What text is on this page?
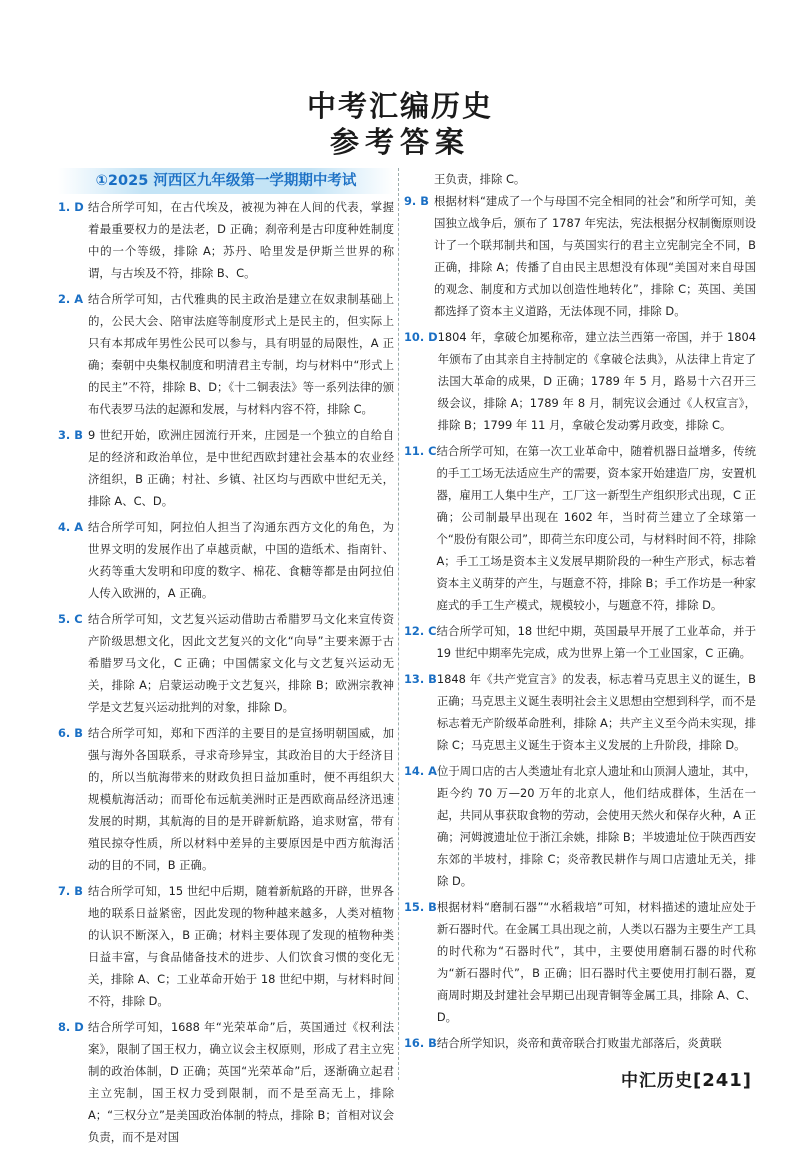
中考汇编历史
参考答案
①2025 河西区九年级第一学期期中考试
1. D 结合所学可知，在古代埃及，被视为神在人间的代表，掌握着最重要权力的是法老，D 正确；刹帝利是古印度种姓制度中的一个等级，排除 A；苏丹、哈里发是伊斯兰世界的称谓，与古埃及不符，排除 B、C。
2. A 结合所学可知，古代雅典的民主政治是建立在奴隶制基础上的，公民大会、陪审法庭等制度形式上是民主的，但实际上只有本邦成年男性公民可以参与，具有明显的局限性，A 正确；秦朝中央集权制度和明清君主专制，均与材料中“形式上的民主”不符，排除 B、D；《十二铜表法》等一系列法律的颁布代表罗马法的起源和发展，与材料内容不符，排除 C。
3. B 9 世纪开始，欧洲庄园流行开来，庄园是一个独立的自给自足的经济和政治单位，是中世纪西欧封建社会基本的农业经济组织，B 正确；村社、乡镇、社区均与西欧中世纪无关，排除 A、C、D。
4. A 结合所学可知，阿拉伯人担当了沟通东西方文化的角色，为世界文明的发展作出了卓越贡献，中国的造纸术、指南针、火药等重大发明和印度的数字、棉花、食糖等都是由阿拉伯人传入欧洲的，A 正确。
5. C 结合所学可知，文艺复兴运动借助古希腊罗马文化来宣传资产阶级思想文化，因此文艺复兴的文化“向导”主要来源于古希腊罗马文化，C 正确；中国儒家文化与文艺复兴运动无关，排除 A；启蒙运动晚于文艺复兴，排除 B；欧洲宗教神学是文艺复兴运动批判的对象，排除 D。
6. B 结合所学可知，郑和下西洋的主要目的是宣扬明朝国威，加强与海外各国联系，寻求奇珍异宝，其政治目的大于经济目的，所以当航海带来的财政负担日益加重时，便不再组织大规模航海活动；而哥伦布远航美洲时正是西欧商品经济迅速发展的时期，其航海的目的是开辟新航路，追求财富，带有殖民掠夺性质，所以材料中差异的主要原因是中西方航海活动的目的不同，B 正确。
7. B 结合所学可知，15 世纪中后期，随着新航路的开辟，世界各地的联系日益紧密，因此发现的物种越来越多，人类对植物的认识不断深入，B 正确；材料主要体现了发现的植物种类日益丰富，与食品储备技术的进步、人们饮食习惯的变化无关，排除 A、C；工业革命开始于 18 世纪中期，与材料时间不符，排除 D。
8. D 结合所学可知，1688 年“光荣革命”后，英国通过《权利法案》，限制了国王权力，确立议会主权原则，形成了君主立宪制的政治体制，D 正确；英国“光荣革命”后，逐渐确立起君主立宪制，国王权力受到限制，而不是至高无上，排除 A；“三权分立”是美国政治体制的特点，排除 B；首相对议会负责，而不是对国
王负责，排除 C。
9. B 根据材料“建成了一个与母国不完全相同的社会”和所学可知，美国独立战争后，颁布了 1787 年宪法，宪法根据分权制衡原则设计了一个联邦制共和国，与英国实行的君主立宪制完全不同，B 正确，排除 A；传播了自由民主思想没有体现“美国对来自母国的观念、制度和方式加以创造性地转化”，排除 C；英国、美国都选择了资本主义道路，无法体现不同，排除 D。
10. D 1804 年，拿破仑加冕称帝，建立法兰西第一帝国，并于 1804 年颁布了由其亲自主持制定的《拿破仑法典》，从法律上肯定了法国大革命的成果，D 正确；1789 年 5 月，路易十六召开三级会议，排除 A；1789 年 8 月，制宪议会通过《人权宣言》，排除 B；1799 年 11 月，拿破仑发动雾月政变，排除 C。
11. C 结合所学可知，在第一次工业革命中，随着机器日益增多，传统的手工工场无法适应生产的需要，资本家开始建造厂房，安置机器，雇用工人集中生产，工厂这一新型生产组织形式出现，C 正确；公司制最早出现在 1602 年，当时荷兰建立了全球第一个“股份有限公司”，即荷兰东印度公司，与材料时间不符，排除 A；手工工场是资本主义发展早期阶段的一种生产形式，标志着资本主义萌芽的产生，与题意不符，排除 B；手工作坊是一种家庭式的手工生产模式，规模较小，与题意不符，排除 D。
12. C 结合所学可知，18 世纪中期，英国最早开展了工业革命，并于 19 世纪中期率先完成，成为世界上第一个工业国家，C 正确。
13. B 1848 年《共产党宣言》的发表，标志着马克思主义的诞生，B 正确；马克思主义诞生表明社会主义思想由空想到科学，而不是标志着无产阶级革命胜利，排除 A；共产主义至今尚未实现，排除 C；马克思主义诞生于资本主义发展的上升阶段，排除 D。
14. A 位于周口店的古人类遗址有北京人遗址和山顶洞人遗址，其中，距今约 70 万—20 万年的北京人，他们结成群体，生活在一起，共同从事获取食物的劳动，会使用天然火和保存火种，A 正确；河姆渡遗址位于浙江余姚，排除 B；半坡遗址位于陕西西安东郊的半坡村，排除 C；炎帝教民耕作与周口店遗址无关，排除 D。
15. B 根据材料“磨制石器”“水稻栽培”可知，材料描述的遗址应处于新石器时代。在金属工具出现之前，人类以石器为主要生产工具的时代称为“石器时代”，其中，主要使用磨制石器的时代称为“新石器时代”，B 正确；旧石器时代主要使用打制石器，夏商周时期及封建社会早期已出现青铜等金属工具，排除 A、C、D。
16. B 结合所学知识，炎帝和黄帝联合打败蚩尤部落后，炎黄联
中汇历史[241]
